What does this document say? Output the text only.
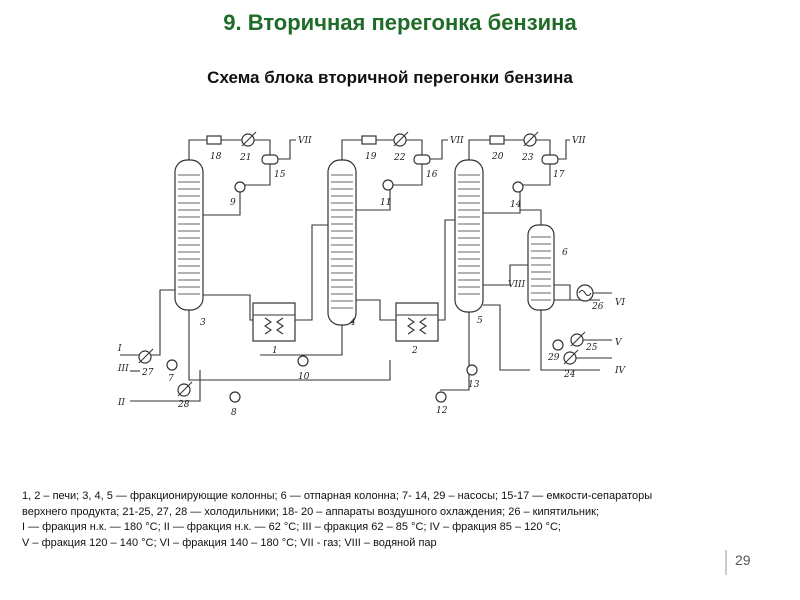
9. Вторичная перегонка бензина
Схема блока вторичной перегонки бензина
3	4	5
6
1	2
18	19	20
21	22	23
VII
15
VII
16
VII
17
9	11	14
I
III
II
VIII
VI
V
IV
27
28
7
8
10
12
13
29
24
25
26
1, 2 – печи; 3, 4, 5 — фракционирующие колонны; 6 — отпарная колонна; 7- 14, 29 – насосы; 15-17 — емкости-сепараторы
верхнего продукта; 21-25, 27, 28 — холодильники; 18- 20 – аппараты воздушного охлаждения; 26 – кипятильник;
I — фракция н.к. — 180 °С; II — фракция н.к. — 62 °С; III – фракция 62 – 85 °С; IV – фракция 85 – 120 °С;
V – фракция 120 – 140 °С; VI – фракция 140 – 180 °С; VII - газ; VIII – водяной пар
29
